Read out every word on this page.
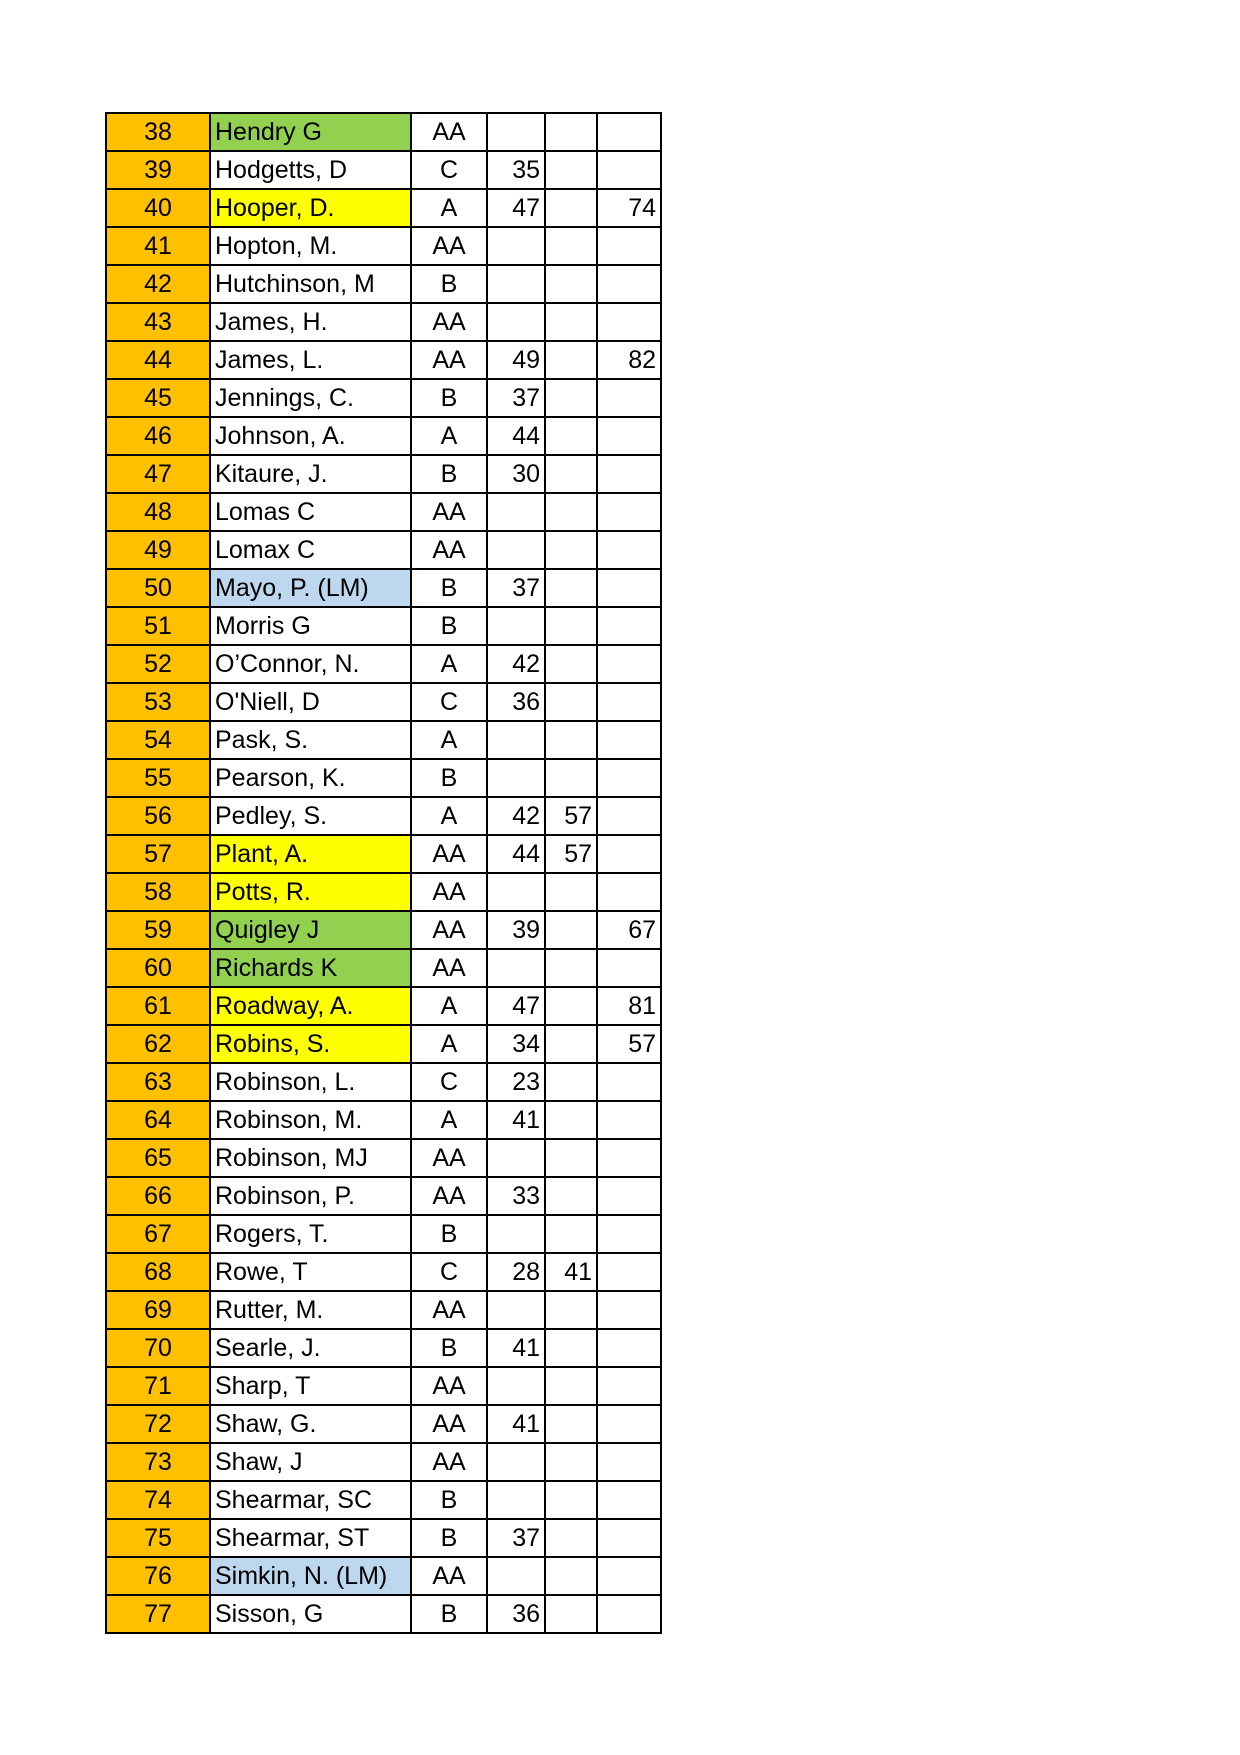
38	Hendry G	AA			
39	Hodgetts, D	C	35		
40	Hooper, D.	A	47		74
41	Hopton, M.	AA			
42	Hutchinson, M	B			
43	James, H.	AA			
44	James, L.	AA	49		82
45	Jennings, C.	B	37		
46	Johnson, A.	A	44		
47	Kitaure, J.	B	30		
48	Lomas C	AA			
49	Lomax C	AA			
50	Mayo, P. (LM)	B	37		
51	Morris G	B			
52	O’Connor, N.	A	42		
53	O'Niell, D	C	36		
54	Pask, S.	A			
55	Pearson, K.	B			
56	Pedley, S.	A	42	57	
57	Plant, A.	AA	44	57	
58	Potts, R.	AA			
59	Quigley J	AA	39		67
60	Richards K	AA			
61	Roadway, A.	A	47		81
62	Robins, S.	A	34		57
63	Robinson, L.	C	23		
64	Robinson, M.	A	41		
65	Robinson, MJ	AA			
66	Robinson, P.	AA	33		
67	Rogers, T.	B			
68	Rowe, T	C	28	41	
69	Rutter, M.	AA			
70	Searle, J.	B	41		
71	Sharp, T	AA			
72	Shaw, G.	AA	41		
73	Shaw, J	AA			
74	Shearmar, SC	B			
75	Shearmar, ST	B	37		
76	Simkin, N. (LM)	AA			
77	Sisson, G	B	36		
